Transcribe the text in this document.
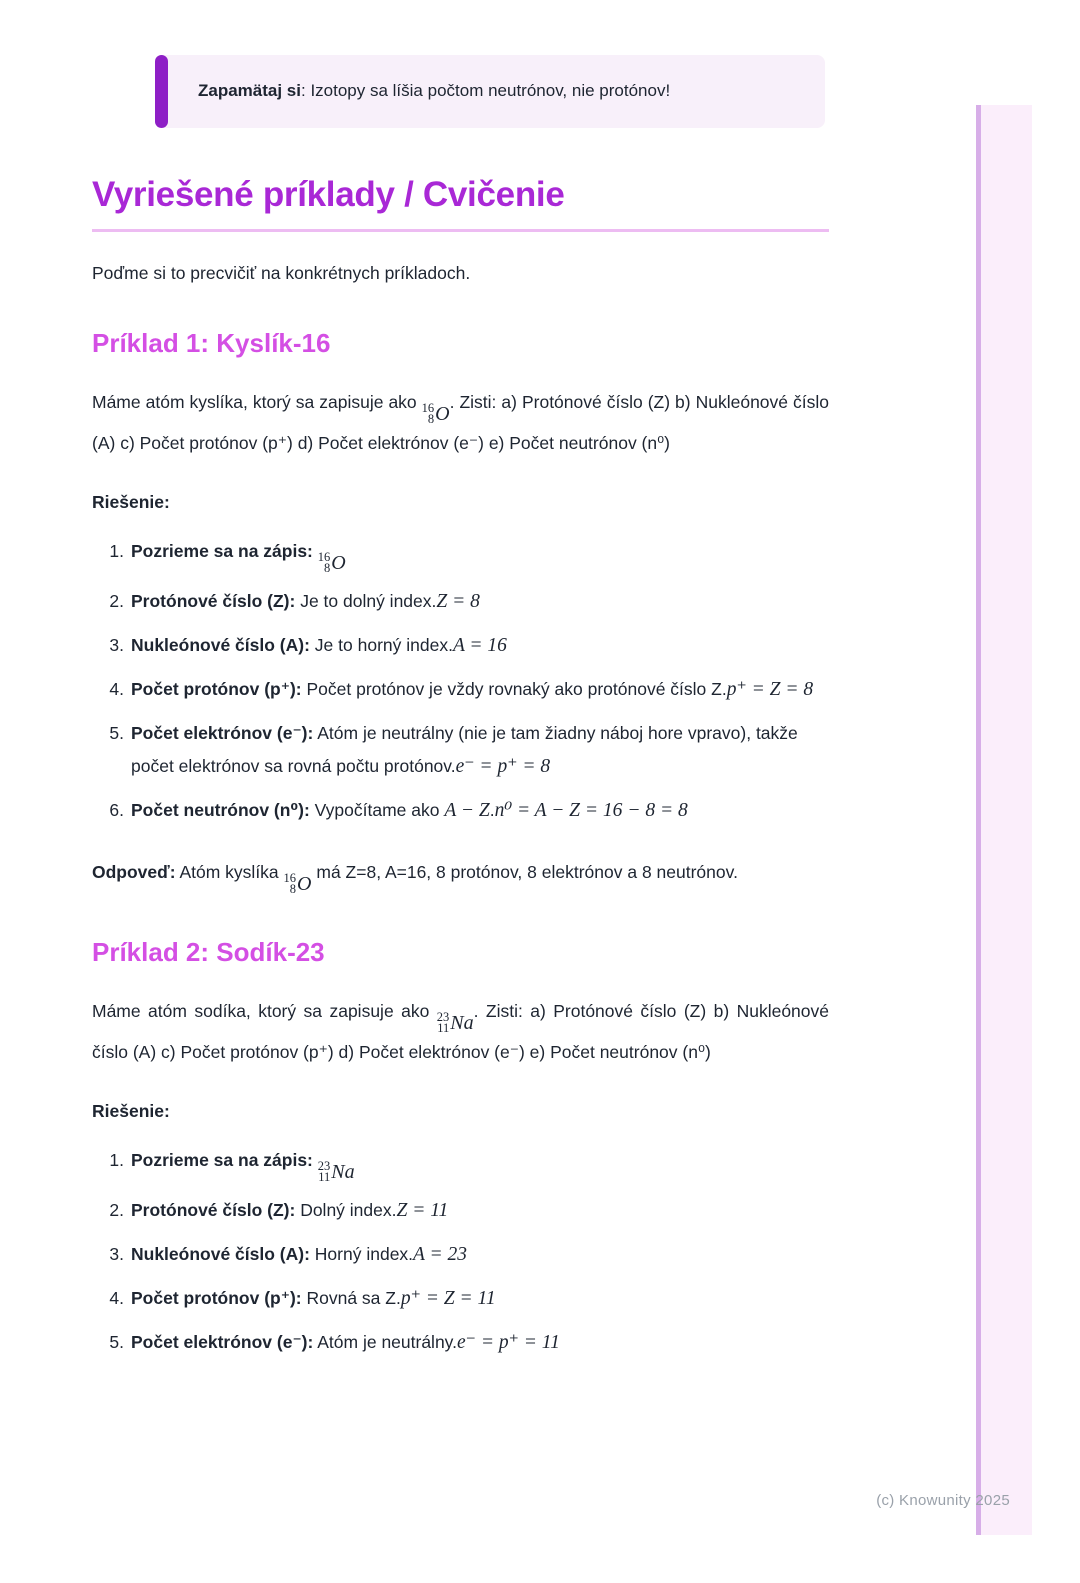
(c) Knowunity 2025
Zapamätaj si: Izotopy sa líšia počtom neutrónov, nie protónov!
Vyriešené príklady / Cvičenie

Poďme si to precvičiť na konkrétnych príkladoch.

Príklad 1: Kyslík-16

Máme atóm kyslíka, ktorý sa zapisuje ako 16
8 O
. Zisti: a) Protónové číslo (Z) b) Nukleónové číslo (A) c) Počet protónov (p⁺) d) Počet elektrónov (e⁻) e) Počet neutrónov (n⁰)

Riešenie:

1. Pozrieme sa na zápis: 16
8 O
2. Protónové číslo (Z): Je to dolný index.Z = 8
3. Nukleónové číslo (A): Je to horný index.A = 16
4. Počet protónov (p⁺): Počet protónov je vždy rovnaký ako protónové číslo Z.p⁺ = Z = 8
5. Počet elektrónov (e⁻): Atóm je neutrálny (nie je tam žiadny náboj hore vpravo), takže počet elektrónov sa rovná počtu protónov.e⁻ = p⁺ = 8
6. Počet neutrónov (n⁰): Vypočítame ako A − Z.n⁰ = A − Z = 16 − 8 = 8

Odpoveď: Atóm kyslíka 16
8 O
má Z=8, A=16, 8 protónov, 8 elektrónov a 8 neutrónov.

Príklad 2: Sodík-23

Máme atóm sodíka, ktorý sa zapisuje ako 23
11 Na
. Zisti: a) Protónové číslo (Z) b) Nukleónové číslo (A) c) Počet protónov (p⁺) d) Počet elektrónov (e⁻) e) Počet neutrónov (n⁰)

Riešenie:

1. Pozrieme sa na zápis: 23
11 Na
2. Protónové číslo (Z): Dolný index.Z = 11
3. Nukleónové číslo (A): Horný index.A = 23
4. Počet protónov (p⁺): Rovná sa Z.p⁺ = Z = 11
5. Počet elektrónov (e⁻): Atóm je neutrálny.e⁻ = p⁺ = 11
